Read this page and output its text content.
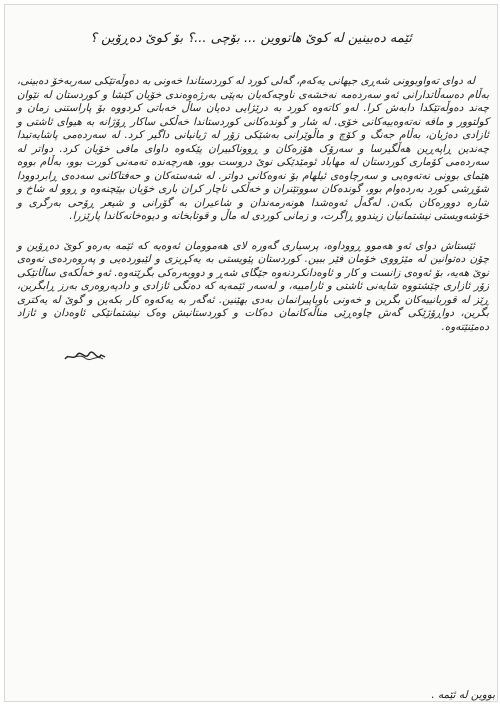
ئێمە دەبینین لە کوێ هاتووین ... بۆچی ...؟ بۆ کوێ دەڕۆین ؟

لە دوای تەواوبوونی شەڕی جیهانی یەکەم، گەلی کورد لە کوردستاندا خەونی بە دەوڵەتێکی سەربەخۆ دەبینی، بەڵام دەسەڵاتدارانی ئەو سەردەمە نەخشەی ناوچەکەیان بەپێی بەرژەوەندی خۆیان کێشا و کوردستان لە نێوان چەند دەوڵەتێکدا دابەش کرا. لەو کاتەوە کورد بە درێژایی دەیان ساڵ خەباتی کردووە بۆ پاراستنی زمان و کولتوور و مافە نەتەوەییەکانی خۆی. لە شار و گوندەکانی کوردستاندا خەڵکی ساکار ڕۆژانە بە هیوای ئاشتی و ئازادی دەژیان، بەڵام جەنگ و کۆچ و ماڵوێرانی بەشێکی زۆر لە ژیانیانی داگیر کرد. لە سەردەمی پاشایەتیدا چەندین ڕاپەڕین هەڵگیرسا و سەرۆک هۆزەکان و ڕووناکبیران پێکەوە داوای مافی خۆیان کرد. دواتر لە سەردەمی کۆماری کوردستان لە مهاباد ئومێدێکی نوێ دروست بوو، هەرچەندە تەمەنی کورت بوو، بەڵام بووە هێمای بوونی نەتەوەیی و سەرچاوەی ئیلهام بۆ نەوەکانی دواتر. لە شەستەکان و حەفتاکانی سەدەی ڕابردوودا شۆڕشی کورد بەردەوام بوو، گوندەکان سووتێنران و خەڵکی ناچار کران باری خۆیان بپێچنەوە و ڕوو لە شاخ و شارە دوورەکان بکەن. لەگەڵ ئەوەشدا هونەرمەندان و شاعیران بە گۆرانی و شیعر ڕۆحی بەرگری و خۆشەویستی نیشتمانیان زیندوو ڕاگرت، و زمانی کوردی لە ماڵ و قوتابخانە و دیوەخانەکاندا پارێزرا.

ئێستاش دوای ئەو هەموو ڕووداوە، پرسیاری گەورە لای هەموومان ئەوەیە کە ئێمە بەرەو کوێ دەڕۆین و چۆن دەتوانین لە مێژووی خۆمان فێر ببین. کوردستان پێویستی بە یەکڕیزی و لێبوردەیی و پەروەردەی نەوەی نوێ هەیە، بۆ ئەوەی زانست و کار و ئاوەدانکردنەوە جێگای شەڕ و دووبەرەکی بگرێتەوە. ئەو خەڵکەی ساڵانێکی زۆر ئازاری چێشتووە شایەنی ئاشتی و ئارامییە، و لەسەر ئێمەیە کە دەنگی ئازادی و دادپەروەری بەرز ڕابگرین، ڕێز لە قوربانییەکان بگرین و خەونی باوباپیرانمان بەدی بهێنین. ئەگەر بە یەکەوە کار بکەین و گوێ لە یەکتری بگرین، دواڕۆژێکی گەش چاوەڕێی مناڵەکانمان دەکات و کوردستانیش وەک نیشتمانێکی ئاوەدان و ئازاد دەمێنێتەوە.

بووین لە ئێمە .
